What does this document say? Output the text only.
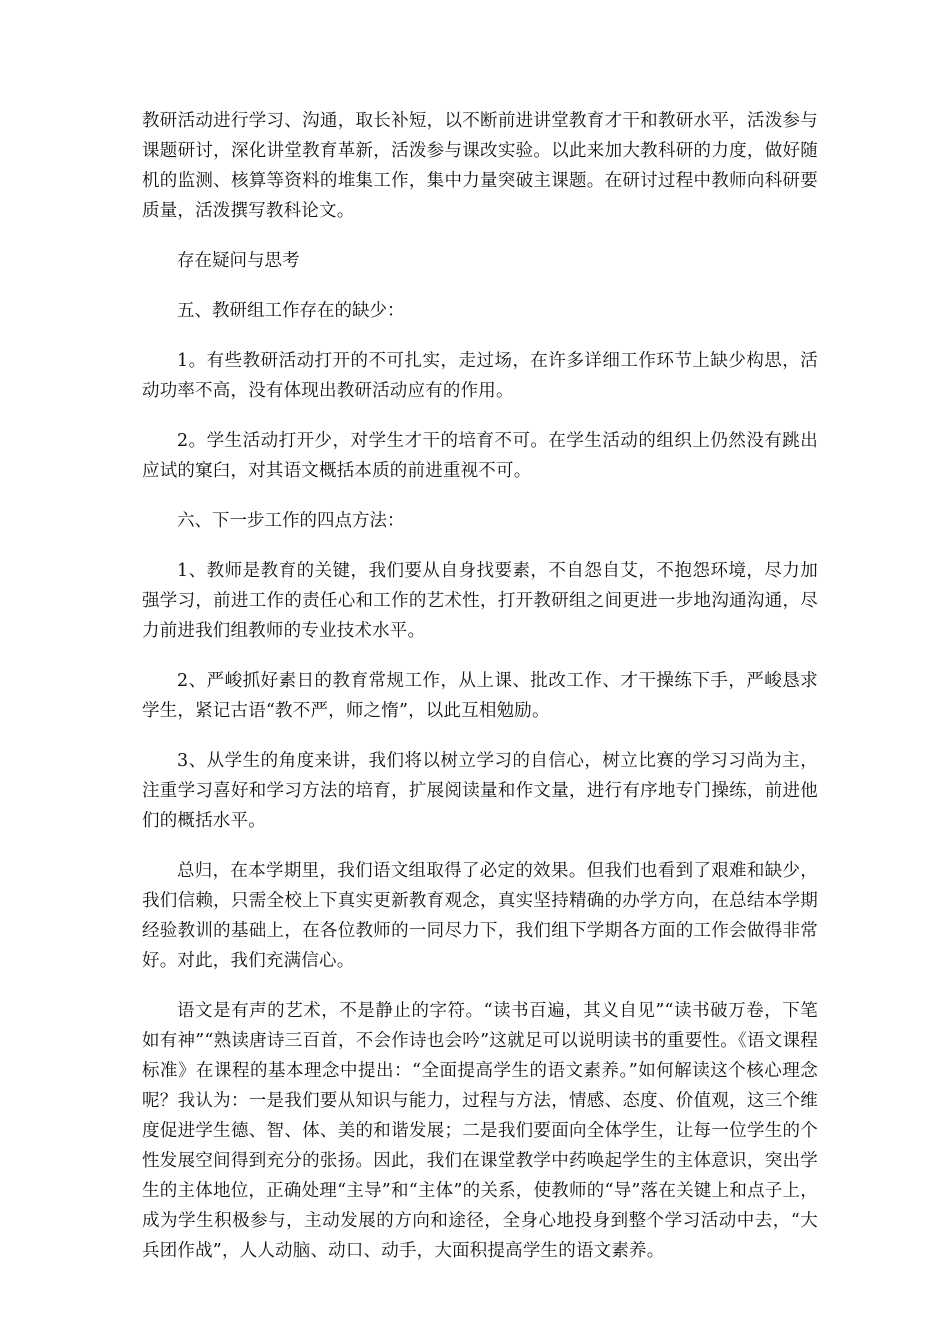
教研活动进行学习、沟通，取长补短，以不断前进讲堂教育才干和教研水平，活泼参与课题研讨，深化讲堂教育革新，活泼参与课改实验。以此来加大教科研的力度，做好随机的监测、核算等资料的堆集工作，集中力量突破主课题。在研讨过程中教师向科研要质量，活泼撰写教科论文。

存在疑问与思考

五、教研组工作存在的缺少：

1。有些教研活动打开的不可扎实，走过场，在许多详细工作环节上缺少构思，活动功率不高，没有体现出教研活动应有的作用。

2。学生活动打开少，对学生才干的培育不可。在学生活动的组织上仍然没有跳出应试的窠臼，对其语文概括本质的前进重视不可。

六、下一步工作的四点方法：

1、教师是教育的关键，我们要从自身找要素，不自怨自艾，不抱怨环境，尽力加强学习，前进工作的责任心和工作的艺术性，打开教研组之间更进一步地沟通沟通，尽力前进我们组教师的专业技术水平。

2、严峻抓好素日的教育常规工作，从上课、批改工作、才干操练下手，严峻恳求学生，紧记古语“教不严，师之惰”，以此互相勉励。

3、从学生的角度来讲，我们将以树立学习的自信心，树立比赛的学习习尚为主，注重学习喜好和学习方法的培育，扩展阅读量和作文量，进行有序地专门操练，前进他们的概括水平。

总归，在本学期里，我们语文组取得了必定的效果。但我们也看到了艰难和缺少，我们信赖，只需全校上下真实更新教育观念，真实坚持精确的办学方向，在总结本学期经验教训的基础上，在各位教师的一同尽力下，我们组下学期各方面的工作会做得非常好。对此，我们充满信心。

语文是有声的艺术，不是静止的字符。“读书百遍，其义自见”“读书破万卷，下笔如有神”“熟读唐诗三百首，不会作诗也会吟”这就足可以说明读书的重要性。《语文课程标准》在课程的基本理念中提出：“全面提高学生的语文素养。”如何解读这个核心理念呢？我认为：一是我们要从知识与能力，过程与方法，情感、态度、价值观，这三个维度促进学生德、智、体、美的和谐发展；二是我们要面向全体学生，让每一位学生的个性发展空间得到充分的张扬。因此，我们在课堂教学中药唤起学生的主体意识，突出学生的主体地位，正确处理“主导”和“主体”的关系，使教师的“导”落在关键上和点子上，成为学生积极参与，主动发展的方向和途径，全身心地投身到整个学习活动中去，“大兵团作战”，人人动脑、动口、动手，大面积提高学生的语文素养。
